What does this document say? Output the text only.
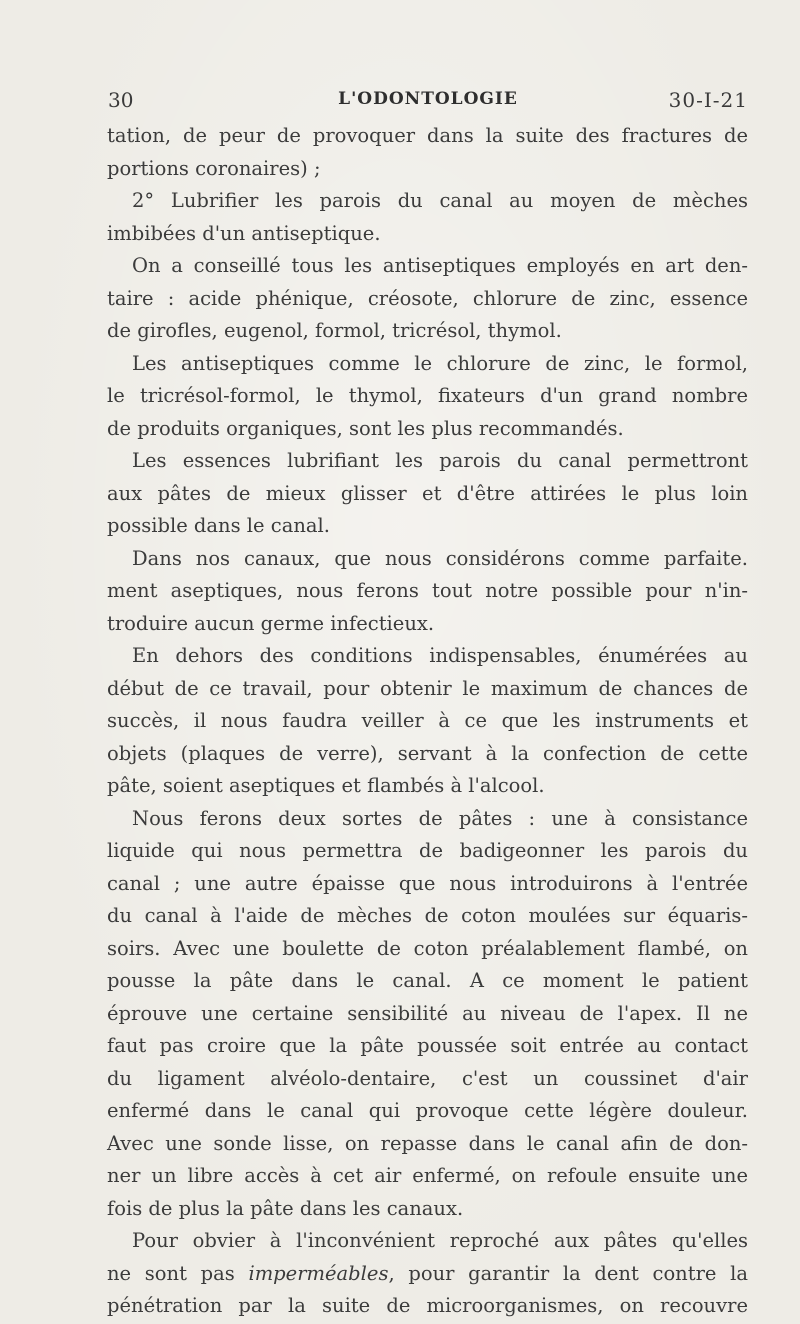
30	L'ODONTOLOGIE	30-I-21
tation, de peur de provoquer dans la suite des fractures de
portions coronaires) ;
2° Lubrifier les parois du canal au moyen de mèches
imbibées d'un antiseptique.
On a conseillé tous les antiseptiques employés en art den-
taire : acide phénique, créosote, chlorure de zinc, essence
de girofles, eugenol, formol, tricrésol, thymol.
Les antiseptiques comme le chlorure de zinc, le formol,
le tricrésol-formol, le thymol, fixateurs d'un grand nombre
de produits organiques, sont les plus recommandés.
Les essences lubrifiant les parois du canal permettront
aux pâtes de mieux glisser et d'être attirées le plus loin
possible dans le canal.
Dans nos canaux, que nous considérons comme parfaite.
ment aseptiques, nous ferons tout notre possible pour n'in-
troduire aucun germe infectieux.
En dehors des conditions indispensables, énumérées au
début de ce travail, pour obtenir le maximum de chances de
succès, il nous faudra veiller à ce que les instruments et
objets (plaques de verre), servant à la confection de cette
pâte, soient aseptiques et flambés à l'alcool.
Nous ferons deux sortes de pâtes : une à consistance
liquide qui nous permettra de badigeonner les parois du
canal ; une autre épaisse que nous introduirons à l'entrée
du canal à l'aide de mèches de coton moulées sur équaris-
soirs. Avec une boulette de coton préalablement flambé, on
pousse la pâte dans le canal. A ce moment le patient
éprouve une certaine sensibilité au niveau de l'apex. Il ne
faut pas croire que la pâte poussée soit entrée au contact
du ligament alvéolo-dentaire, c'est un coussinet d'air
enfermé dans le canal qui provoque cette légère douleur.
Avec une sonde lisse, on repasse dans le canal afin de don-
ner un libre accès à cet air enfermé, on refoule ensuite une
fois de plus la pâte dans les canaux.
Pour obvier à l'inconvénient reproché aux pâtes qu'elles
ne sont pas imperméables, pour garantir la dent contre la
pénétration par la suite de microorganismes, on recouvre
